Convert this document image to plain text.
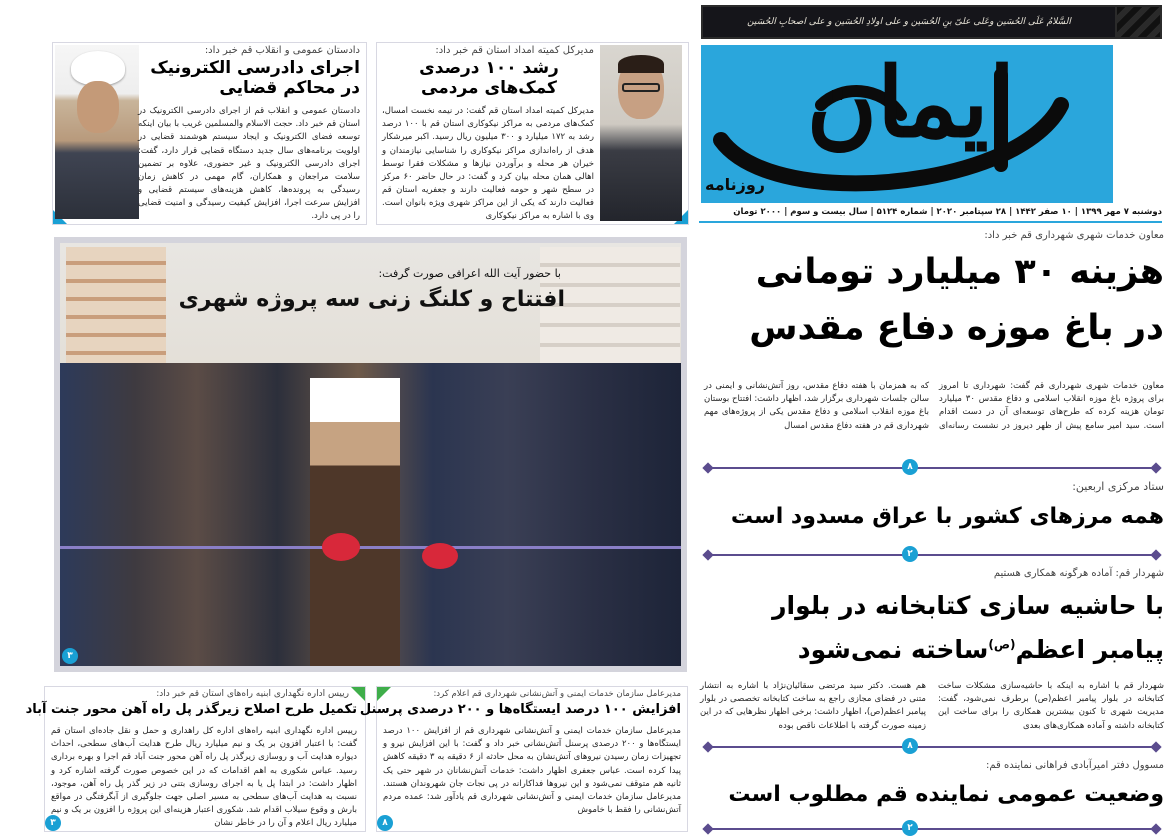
السَّلامُ عَلَی الحُسَین وعَلی علیّ بنِ الحُسَین و علی اولادِ الحُسَین و علی اصحابِ الحُسَین
ایمان
روزنامه
دوشنبه ۷ مهر ۱۳۹۹ | ۱۰ صفر ۱۴۴۲ | ۲۸ سپتامبر ۲۰۲۰ | شماره ۵۱۲۴ | سال بیست و سوم | ۲۰۰۰ تومان
دادستان عمومی و انقلاب قم خبر داد:
اجرای دادرسی الکترونیک در محاکم قضایی
دادستان عمومی و انقلاب قم از اجرای دادرسی الکترونیک در استان قم خبر داد. حجت الاسلام والمسلمین غریب با بیان اینکه توسعه فضای الکترونیک و ایجاد سیستم هوشمند قضایی در اولویت برنامه‌های سال جدید دستگاه قضایی قرار دارد، گفت: اجرای دادرسی الکترونیک و غیر حضوری، علاوه بر تضمین سلامت مراجعان و همکاران، گام مهمی در کاهش زمان رسیدگی به پرونده‌ها، کاهش هزینه‌های سیستم قضایی و افزایش سرعت اجرا، افزایش کیفیت رسیدگی و امنیت قضایی را در پی دارد.
مدیرکل کمیته امداد استان قم خبر داد:
رشد ۱۰۰ درصدی کمک‌های مردمی
مدیرکل کمیته امداد استان قم گفت: در نیمه نخست امسال، کمک‌های مردمی به مراکز نیکوکاری استان قم با ۱۰۰ درصد رشد به ۱۷۲ میلیارد و ۳۰۰ میلیون ریال رسید. اکبر میرشکار هدف از راه‌اندازی مراکز نیکوکاری را شناسایی نیازمندان و خیران هر محله و برآوردن نیازها و مشکلات فقرا توسط اهالی همان محله بیان کرد و گفت: در حال حاضر ۶۰ مرکز در سطح شهر و حومه فعالیت دارند و جعفریه استان قم فعالیت دارند که یکی از این مراکز شهری ویژه بانوان است. وی با اشاره به مراکز نیکوکاری
با حضور آیت الله اعرافی صورت گرفت:
افتتاح و کلنگ زنی سه پروژه شهری
۳
معاون خدمات شهری شهرداری قم خبر داد:
هزینه ۳۰ میلیارد تومانی
در باغ موزه دفاع مقدس
معاون خدمات شهری شهرداری قم گفت: شهرداری تا امروز برای پروژه باغ موزه انقلاب اسلامی و دفاع مقدس ۳۰ میلیارد تومان هزینه کرده که طرح‌های توسعه‌ای آن در دست اقدام است. سید امیر سامع پیش از ظهر دیروز در نشست رسانه‌ای که به همزمان با هفته دفاع مقدس، روز آتش‌نشانی و ایمنی در سالن جلسات شهرداری برگزار شد، اظهار داشت: افتتاح بوستان باغ موزه انقلاب اسلامی و دفاع مقدس یکی از پروژه‌های مهم شهرداری قم در هفته دفاع مقدس امسال
۸
ستاد مرکزی اربعین:
همه مرزهای کشور با عراق مسدود است
۲
شهردار قم: آماده هرگونه همکاری هستیم
با حاشیه سازی کتابخانه در بلوار
پیامبر اعظم$^{(ص)}$ساخته نمی‌شود
شهردار قم با اشاره به اینکه با حاشیه‌سازی مشکلات ساخت کتابخانه در بلوار پیامبر اعظم(ص) برطرف نمی‌شود، گفت: مدیریت شهری تا کنون بیشترین همکاری را برای ساخت این کتابخانه داشته و آماده همکاری‌های بعدی
هم هست. دکتر سید مرتضی سقائیان‌نژاد با اشاره به انتشار متنی در فضای مجازی راجع به ساخت کتابخانه تخصصی در بلوار پیامبر اعظم(ص)، اظهار داشت: برخی اظهار نظرهایی که در این زمینه صورت گرفته با اطلاعات ناقص بوده
۸
مسوول دفتر امیرآبادی فراهانی نماینده قم:
وضعیت عمومی نماینده قم مطلوب است
۲
رییس اداره نگهداری ابنیه راه‌های استان قم خبر داد:
تکمیل طرح اصلاح زیرگذر پل راه آهن محور جنت آباد
رییس اداره نگهداری ابنیه راه‌های اداره کل راهداری و حمل و نقل جاده‌ای استان قم گفت: با اعتبار افزون بر یک و نیم میلیارد ریال طرح هدایت آب‌های سطحی، احداث دیواره هدایت آب و روسازی زیرگذر پل راه آهن محور جنت آباد قم اجرا و بهره برداری رسید. عباس شکوری به اهم اقدامات که در این خصوص صورت گرفته اشاره کرد و اظهار داشت: در ابتدا پل یا به اجرای روسازی بتنی در زیر گذر پل راه آهن، موجود، نسبت به هدایت آب‌های سطحی به مسیر اصلی جهت جلوگیری از آبگرفتگی در مواقع بارش و وقوع سیلاب اقدام شد. شکوری اعتبار هزینه‌ای این پروژه را افزون بر یک و نیم میلیارد ریال اعلام و آن را در خاطر نشان
۳
مدیرعامل سازمان خدمات ایمنی و آتش‌نشانی شهرداری قم اعلام کرد:
افزایش ۱۰۰ درصد ایستگاه‌ها و ۲۰۰ درصدی پرسنل
مدیرعامل سازمان خدمات ایمنی و آتش‌نشانی شهرداری قم از افزایش ۱۰۰ درصد ایستگاه‌ها و ۲۰۰ درصدی پرسنل آتش‌نشانی خبر داد و گفت: با این افزایش نیرو و تجهیزات زمان رسیدن نیروهای آتش‌نشان به محل حادثه از ۶ دقیقه به ۳ دقیقه کاهش پیدا کرده است. عباس جعفری اظهار داشت: خدمات آتش‌نشانان در شهر حتی یک ثانیه هم متوقف نمی‌شود و این نیروها فداکارانه در پی نجات جان شهروندان هستند. مدیرعامل سازمان خدمات ایمنی و آتش‌نشانی شهرداری قم یادآور شد: عمده مردم آتش‌نشانی را فقط با خاموش
۸
